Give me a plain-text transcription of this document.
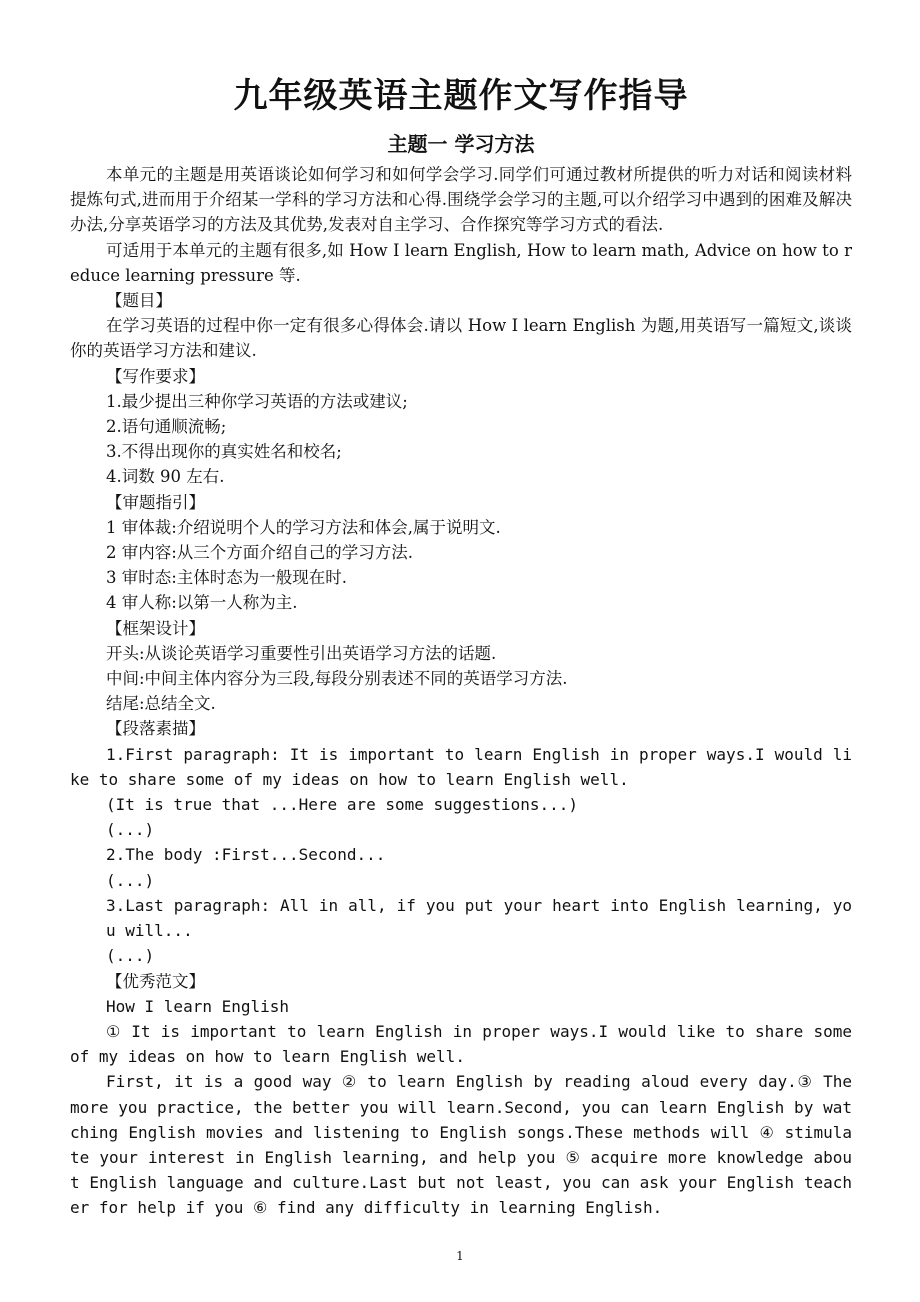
九年级英语主题作文写作指导
主题一 学习方法

本单元的主题是用英语谈论如何学习和如何学会学习.同学们可通过教材所提供的听力对话和阅读材料提炼句式,进而用于介绍某一学科的学习方法和心得.围绕学会学习的主题,可以介绍学习中遇到的困难及解决办法,分享英语学习的方法及其优势,发表对自主学习、合作探究等学习方式的看法.

可适用于本单元的主题有很多,如 How I learn English, How to learn math, Advice on how to reduce learning pressure 等.

【题目】

在学习英语的过程中你一定有很多心得体会.请以 How I learn English 为题,用英语写一篇短文,谈谈你的英语学习方法和建议.

【写作要求】

1.最少提出三种你学习英语的方法或建议;

2.语句通顺流畅;

3.不得出现你的真实姓名和校名;

4.词数 90 左右.

【审题指引】

1 审体裁:介绍说明个人的学习方法和体会,属于说明文.

2 审内容:从三个方面介绍自己的学习方法.

3 审时态:主体时态为一般现在时.

4 审人称:以第一人称为主.

【框架设计】

开头:从谈论英语学习重要性引出英语学习方法的话题.

中间:中间主体内容分为三段,每段分别表述不同的英语学习方法.

结尾:总结全文.

【段落素描】

1.First paragraph: It is important to learn English in proper ways.I would like to share some of my ideas on how to learn English well.

(It is true that ...Here are some suggestions...)

(...)

2.The body :First...Second...

(...)

3.Last paragraph: All in all, if you put your heart into English learning, you will...

(...)

【优秀范文】

How I learn English

① It is important to learn English in proper ways.I would like to share some of my ideas on how to learn English well.

First, it is a good way ② to learn English by reading aloud every day.③ The more you practice, the better you will learn.Second, you can learn English by watching English movies and listening to English songs.These methods will ④ stimulate your interest in English learning, and help you ⑤ acquire more knowledge about English language and culture.Last but not least, you can ask your English teacher for help if you ⑥ find any difficulty in learning English.

1
